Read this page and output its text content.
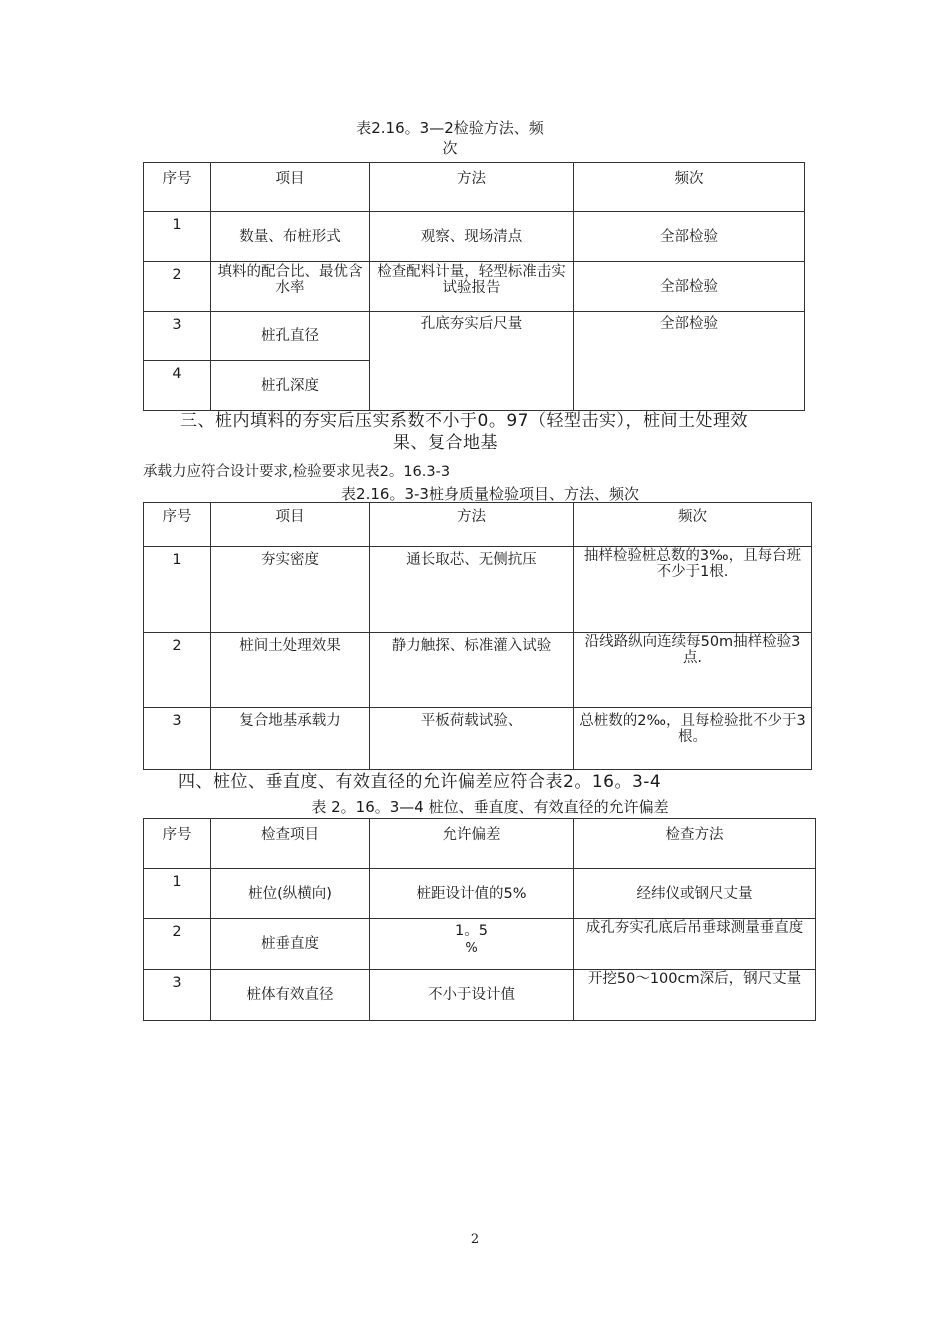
表2.16。3—2检验方法、频
次
序号	项目	方法	频次
1	数量、布桩形式	观察、现场清点	全部检验
2	填料的配合比、最优含水率	检查配料计量，轻型标准击实试验报告	全部检验
3	桩孔直径	孔底夯实后尺量	全部检验
4	桩孔深度		
三、桩内填料的夯实后压实系数不小于0。97（轻型击实），桩间土处理效
果、复合地基
承载力应符合设计要求,检验要求见表2。16.3-3
表2.16。3-3桩身质量检验项目、方法、频次
序号	项目	方法	频次
1	夯实密度	通长取芯、无侧抗压	抽样检验桩总数的3‰，且每台班不少于1根.
2	桩间土处理效果	静力触探、标准灌入试验	沿线路纵向连续每50m抽样检验3点.
3	复合地基承载力	平板荷载试验、	总桩数的2‰，且每检验批不少于3根。
四、桩位、垂直度、有效直径的允许偏差应符合表2。16。3-4
表 2。16。3—4 桩位、垂直度、有效直径的允许偏差
序号	检查项目	允许偏差	检查方法
1	桩位(纵横向)	桩距设计值的5%	经纬仪或钢尺丈量
2	桩垂直度	1。5
%	成孔夯实孔底后吊垂球测量垂直度
3	桩体有效直径	不小于设计值	开挖50～100cm深后，钢尺丈量
2
